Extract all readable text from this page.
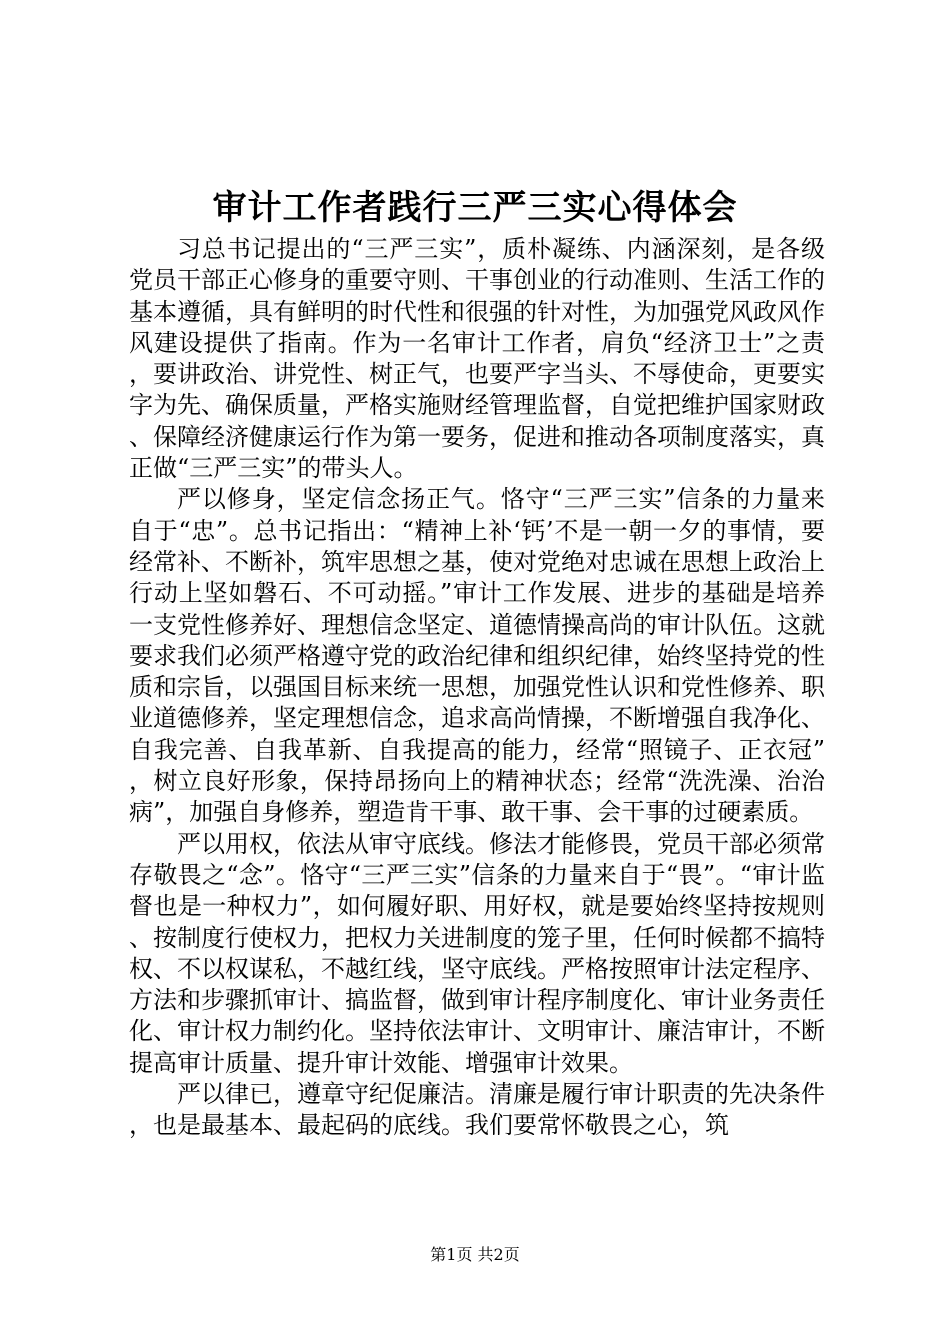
审计工作者践行三严三实心得体会

习总书记提出的“三严三实”，质朴凝练、内涵深刻，是各级党员干部正心修身的重要守则、干事创业的行动准则、生活工作的基本遵循，具有鲜明的时代性和很强的针对性，为加强党风政风作风建设提供了指南。作为一名审计工作者，肩负“经济卫士”之责，要讲政治、讲党性、树正气，也要严字当头、不辱使命，更要实字为先、确保质量，严格实施财经管理监督，自觉把维护国家财政、保障经济健康运行作为第一要务，促进和推动各项制度落实，真正做“三严三实”的带头人。

严以修身，坚定信念扬正气。恪守“三严三实”信条的力量来自于“忠”。总书记指出：“精神上补‘钙’不是一朝一夕的事情，要经常补、不断补，筑牢思想之基，使对党绝对忠诚在思想上政治上行动上坚如磐石、不可动摇。”审计工作发展、进步的基础是培养一支党性修养好、理想信念坚定、道德情操高尚的审计队伍。这就要求我们必须严格遵守党的政治纪律和组织纪律，始终坚持党的性质和宗旨，以强国目标来统一思想，加强党性认识和党性修养、职业道德修养，坚定理想信念，追求高尚情操，不断增强自我净化、自我完善、自我革新、自我提高的能力，经常“照镜子、正衣冠”，树立良好形象，保持昂扬向上的精神状态；经常“洗洗澡、治治病”，加强自身修养，塑造肯干事、敢干事、会干事的过硬素质。

严以用权，依法从审守底线。修法才能修畏，党员干部必须常存敬畏之“念”。恪守“三严三实”信条的力量来自于“畏”。“审计监督也是一种权力”，如何履好职、用好权，就是要始终坚持按规则、按制度行使权力，把权力关进制度的笼子里，任何时候都不搞特权、不以权谋私，不越红线，坚守底线。严格按照审计法定程序、方法和步骤抓审计、搞监督，做到审计程序制度化、审计业务责任化、审计权力制约化。坚持依法审计、文明审计、廉洁审计，不断提高审计质量、提升审计效能、增强审计效果。

严以律已，遵章守纪促廉洁。清廉是履行审计职责的先决条件，也是最基本、最起码的底线。我们要常怀敬畏之心，筑

第1页 共2页
